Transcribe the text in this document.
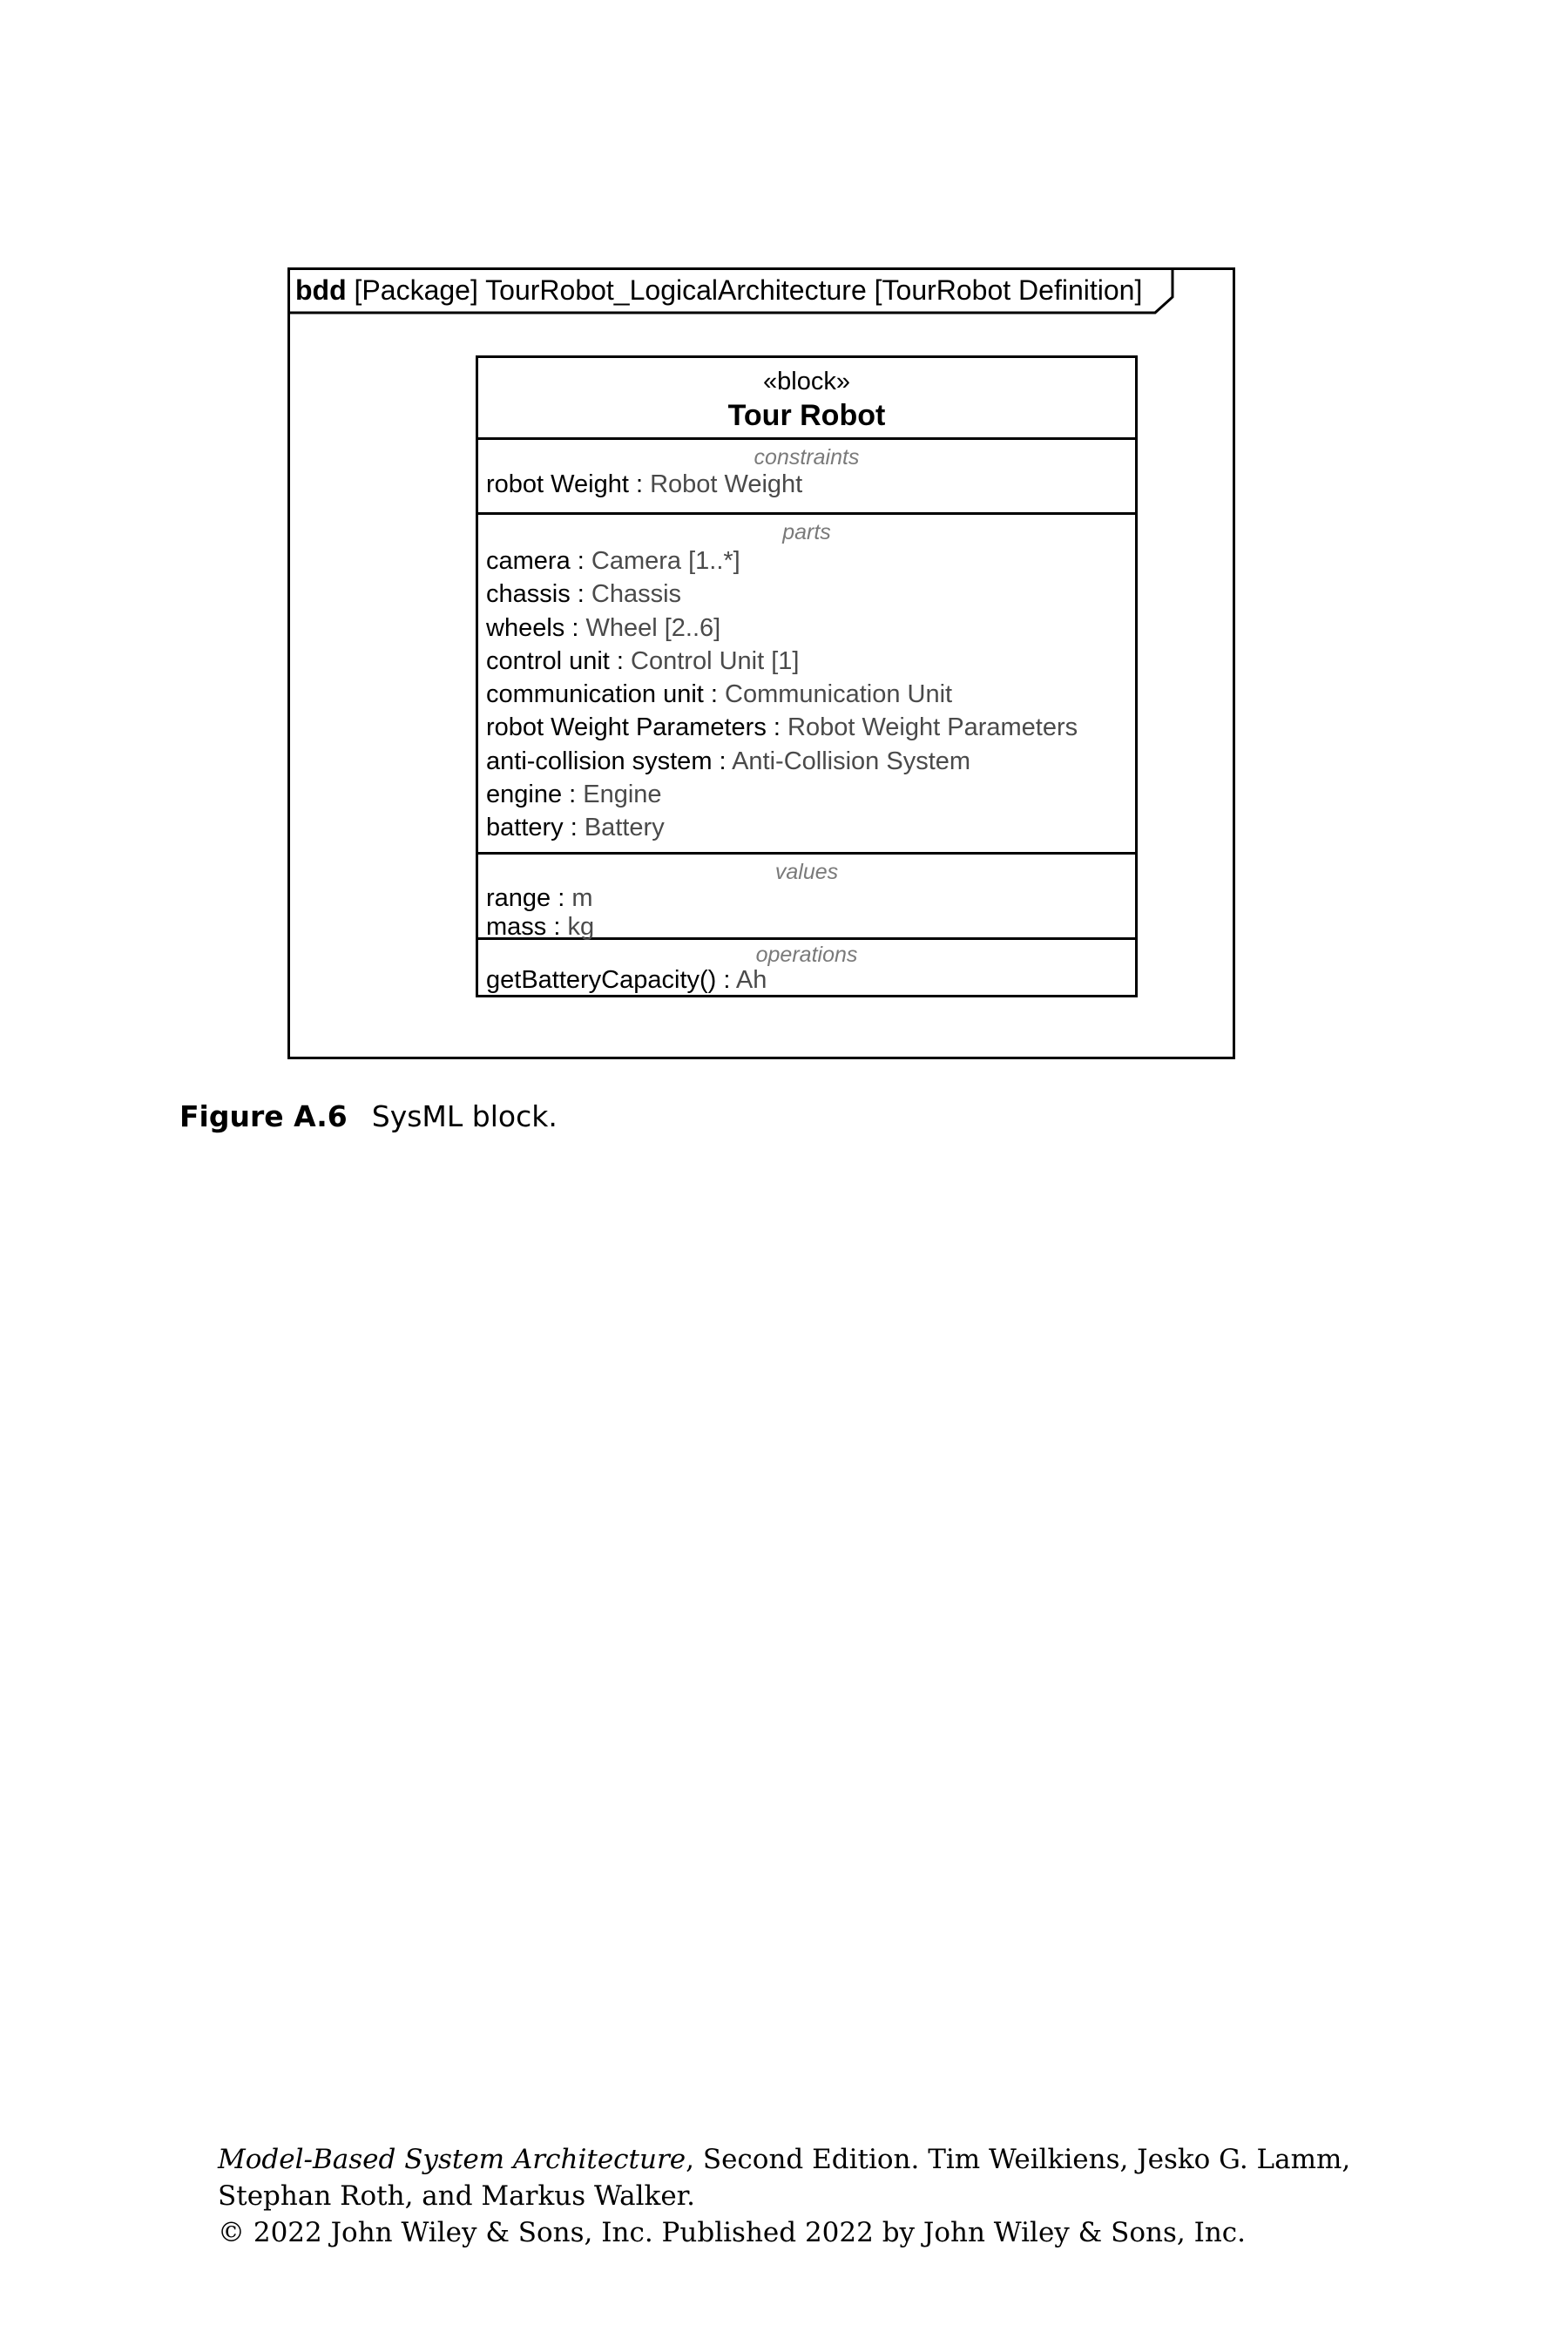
bdd [Package] TourRobot_LogicalArchitecture [TourRobot Definition]
«block»
Tour Robot
constraints
robot Weight : Robot Weight
parts
camera : Camera [1..*]
chassis : Chassis
wheels : Wheel [2..6]
control unit : Control Unit [1]
communication unit : Communication Unit
robot Weight Parameters : Robot Weight Parameters
anti-collision system : Anti-Collision System
engine : Engine
battery : Battery
values
range : m
mass : kg
operations
getBatteryCapacity() : Ah
Figure A.6 SysML block.
Model-Based System Architecture, Second Edition. Tim Weilkiens, Jesko G. Lamm,
Stephan Roth, and Markus Walker.
© 2022 John Wiley & Sons, Inc. Published 2022 by John Wiley & Sons, Inc.
